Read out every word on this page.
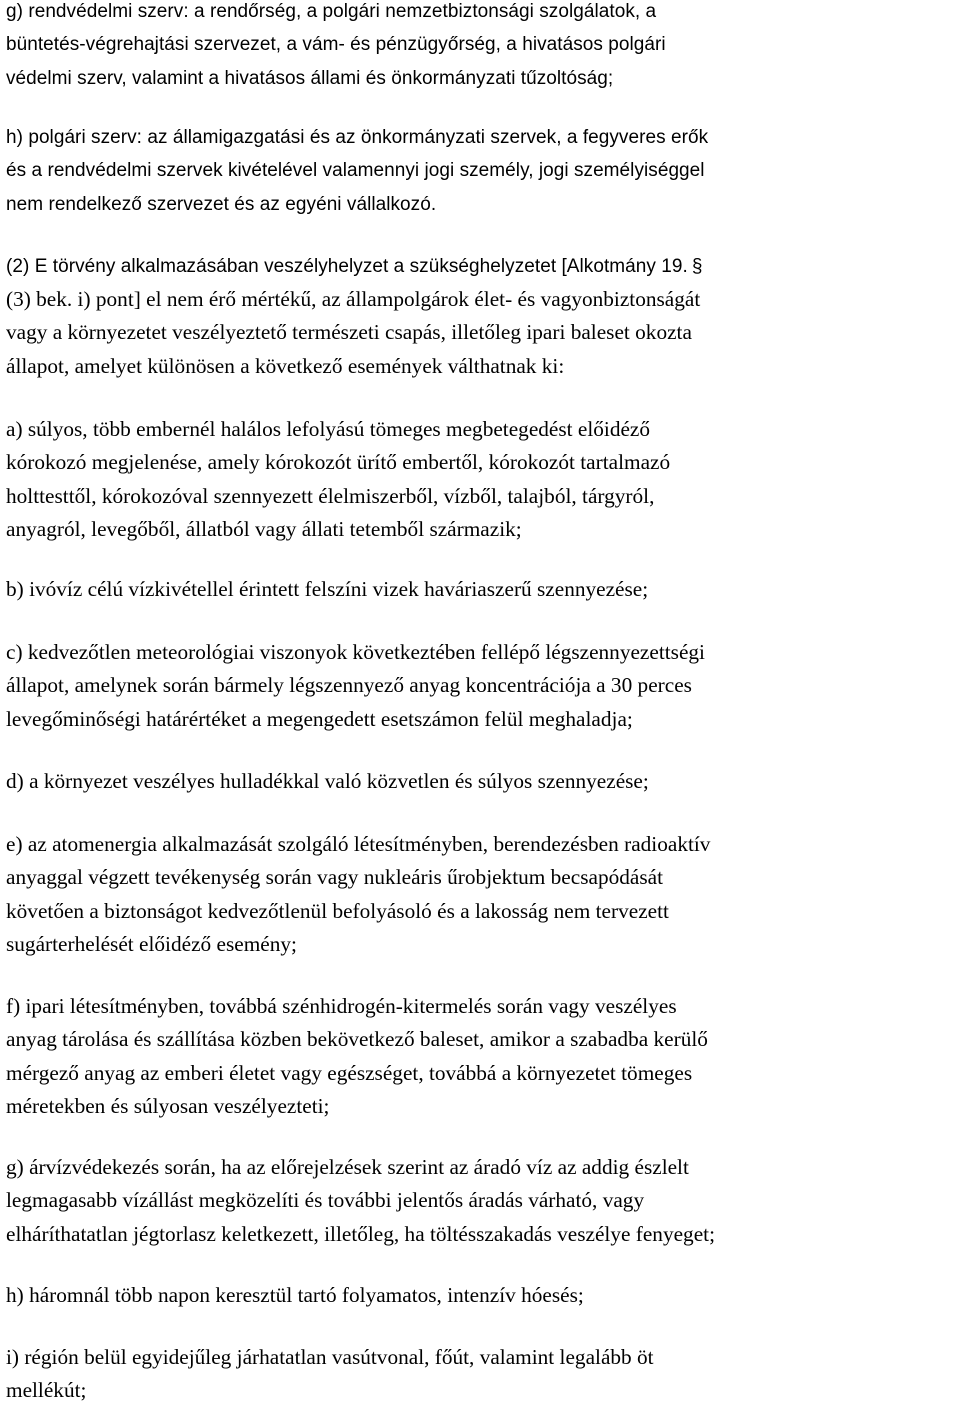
g) rendvédelmi szerv: a rendőrség, a polgári nemzetbiztonsági szolgálatok, a
büntetés-végrehajtási szervezet, a vám- és pénzügyőrség, a hivatásos polgári
védelmi szerv, valamint a hivatásos állami és önkormányzati tűzoltóság;

h) polgári szerv: az államigazgatási és az önkormányzati szervek, a fegyveres erők
és a rendvédelmi szervek kivételével valamennyi jogi személy, jogi személyiséggel
nem rendelkező szervezet és az egyéni vállalkozó.

(2) E törvény alkalmazásában veszélyhelyzet a szükséghelyzetet [Alkotmány 19. §

(3) bek. i) pont] el nem érő mértékű, az állampolgárok élet- és vagyonbiztonságát
vagy a környezetet veszélyeztető természeti csapás, illetőleg ipari baleset okozta
állapot, amelyet különösen a következő események válthatnak ki:

a) súlyos, több embernél halálos lefolyású tömeges megbetegedést előidéző
kórokozó megjelenése, amely kórokozót ürítő embertől, kórokozót tartalmazó
holttesttől, kórokozóval szennyezett élelmiszerből, vízből, talajból, tárgyról,
anyagról, levegőből, állatból vagy állati tetemből származik;

b) ivóvíz célú vízkivétellel érintett felszíni vizek haváriaszerű szennyezése;

c) kedvezőtlen meteorológiai viszonyok következtében fellépő légszennyezettségi
állapot, amelynek során bármely légszennyező anyag koncentrációja a 30 perces
levegőminőségi határértéket a megengedett esetszámon felül meghaladja;

d) a környezet veszélyes hulladékkal való közvetlen és súlyos szennyezése;

e) az atomenergia alkalmazását szolgáló létesítményben, berendezésben radioaktív
anyaggal végzett tevékenység során vagy nukleáris űrobjektum becsapódását
követően a biztonságot kedvezőtlenül befolyásoló és a lakosság nem tervezett
sugárterhelését előidéző esemény;

f) ipari létesítményben, továbbá szénhidrogén-kitermelés során vagy veszélyes
anyag tárolása és szállítása közben bekövetkező baleset, amikor a szabadba kerülő
mérgező anyag az emberi életet vagy egészséget, továbbá a környezetet tömeges
méretekben és súlyosan veszélyezteti;

g) árvízvédekezés során, ha az előrejelzések szerint az áradó víz az addig észlelt
legmagasabb vízállást megközelíti és további jelentős áradás várható, vagy
elháríthatatlan jégtorlasz keletkezett, illetőleg, ha töltésszakadás veszélye fenyeget;

h) háromnál több napon keresztül tartó folyamatos, intenzív hóesés;

i) régión belül egyidejűleg járhatatlan vasútvonal, főút, valamint legalább öt
mellékút;
